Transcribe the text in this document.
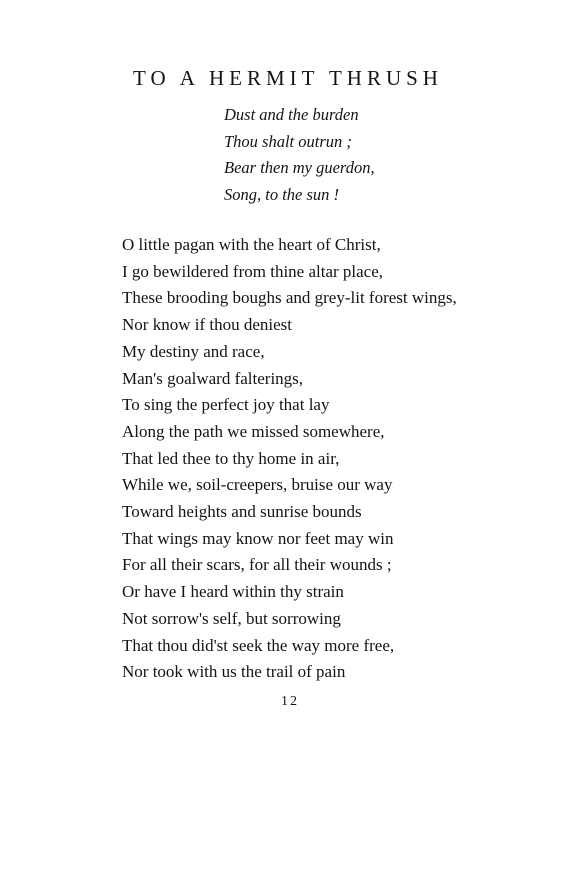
TO A HERMIT THRUSH
Dust and the burden
Thou shalt outrun ;
Bear then my guerdon,
Song, to the sun !
O little pagan with the heart of Christ,
I go bewildered from thine altar place,
These brooding boughs and grey-lit forest wings,
Nor know if thou deniest
My destiny and race,
Man's goalward falterings,
To sing the perfect joy that lay
Along the path we missed somewhere,
That led thee to thy home in air,
While we, soil-creepers, bruise our way
Toward heights and sunrise bounds
That wings may know nor feet may win
For all their scars, for all their wounds ;
Or have I heard within thy strain
Not sorrow's self, but sorrowing
That thou did'st seek the way more free,
Nor took with us the trail of pain
12
